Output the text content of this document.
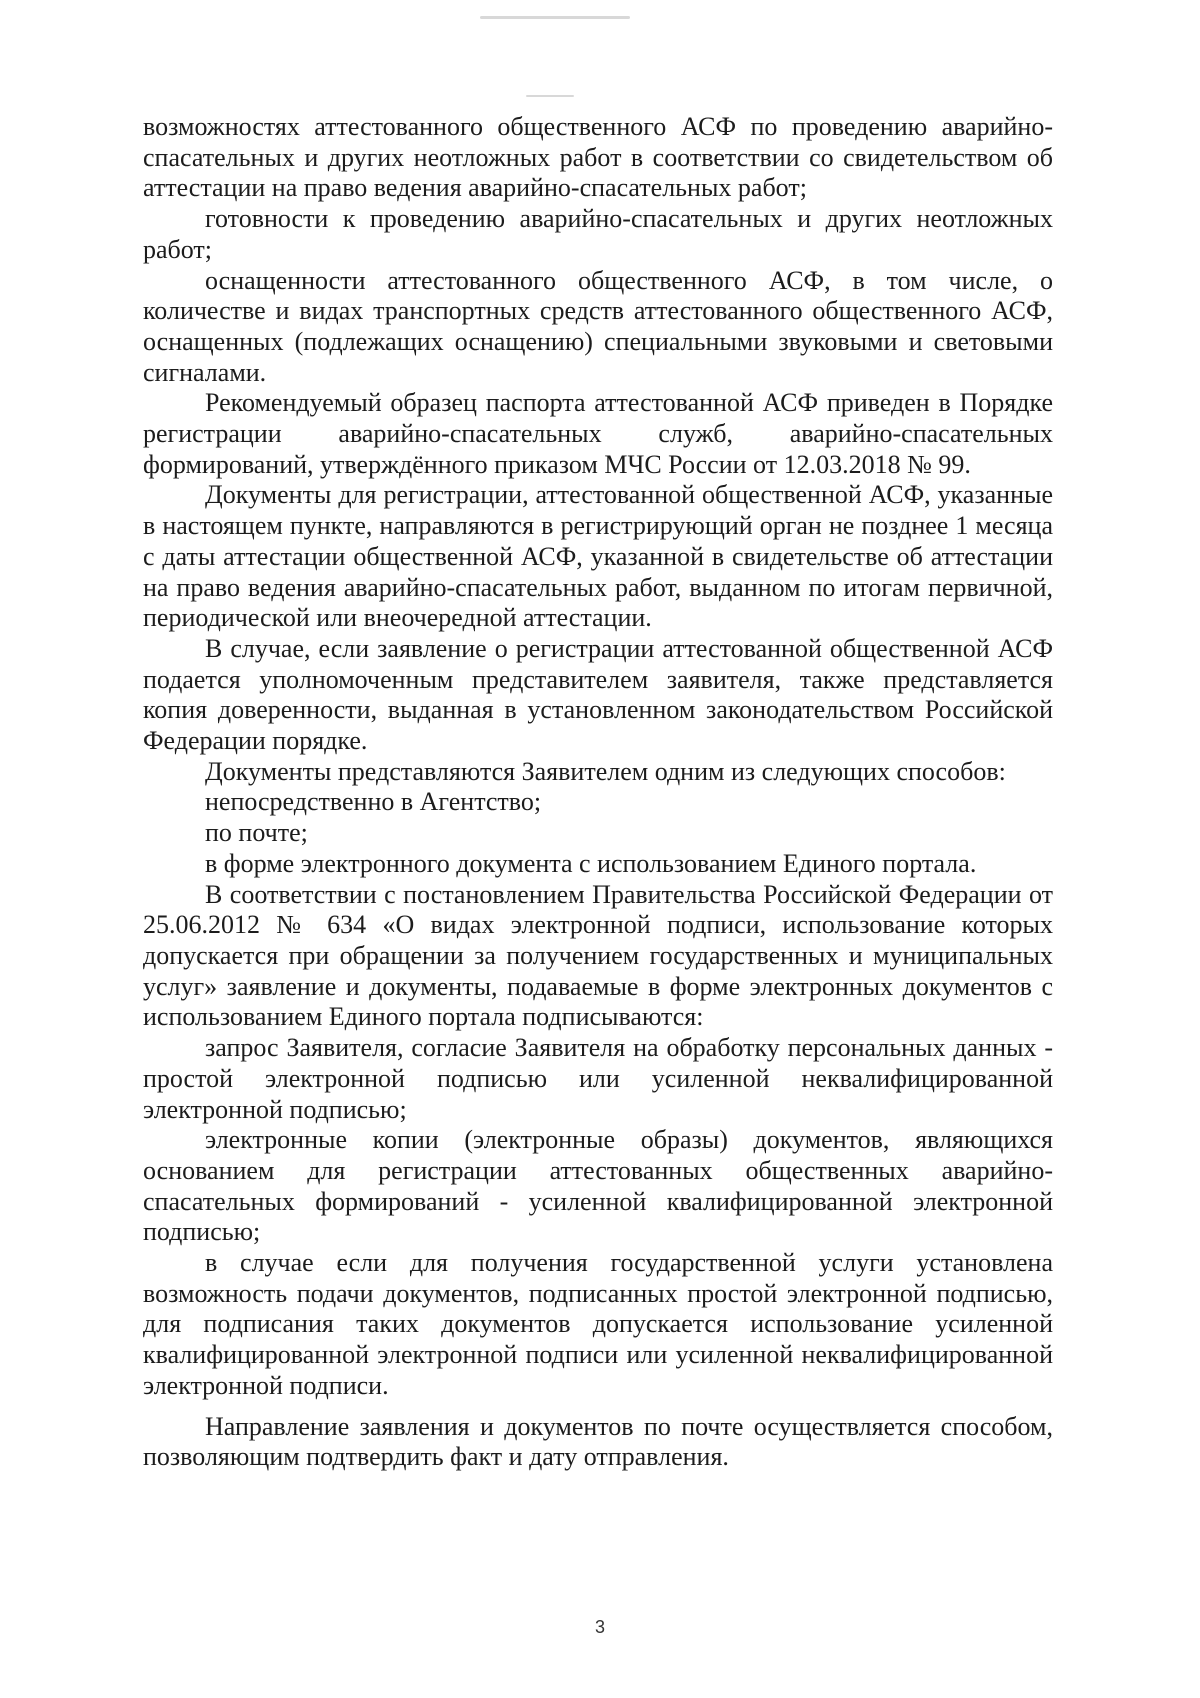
возможностях аттестованного общественного АСФ по проведению аварийно-спасательных и других неотложных работ в соответствии со свидетельством об аттестации на право ведения аварийно-спасательных работ;

готовности к проведению аварийно-спасательных и других неотложных работ;

оснащенности аттестованного общественного АСФ, в том числе, о количестве и видах транспортных средств аттестованного общественного АСФ, оснащенных (подлежащих оснащению) специальными звуковыми и световыми сигналами.

Рекомендуемый образец паспорта аттестованной АСФ приведен в Порядке регистрации аварийно-спасательных служб, аварийно-спасательных формирований, утверждённого приказом МЧС России от 12.03.2018 № 99.

Документы для регистрации, аттестованной общественной АСФ, указанные в настоящем пункте, направляются в регистрирующий орган не позднее 1 месяца с даты аттестации общественной АСФ, указанной в свидетельстве об аттестации на право ведения аварийно-спасательных работ, выданном по итогам первичной, периодической или внеочередной аттестации.

В случае, если заявление о регистрации аттестованной общественной АСФ подается уполномоченным представителем заявителя, также представляется копия доверенности, выданная в установленном законодательством Российской Федерации порядке.

Документы представляются Заявителем одним из следующих способов:

непосредственно в Агентство;

по почте;

в форме электронного документа с использованием Единого портала.

В соответствии с постановлением Правительства Российской Федерации от 25.06.2012 № 634 «О видах электронной подписи, использование которых допускается при обращении за получением государственных и муниципальных услуг» заявление и документы, подаваемые в форме электронных документов с использованием Единого портала подписываются:

запрос Заявителя, согласие Заявителя на обработку персональных данных - простой электронной подписью или усиленной неквалифицированной электронной подписью;

электронные копии (электронные образы) документов, являющихся основанием для регистрации аттестованных общественных аварийно-спасательных формирований - усиленной квалифицированной электронной подписью;

в случае если для получения государственной услуги установлена возможность подачи документов, подписанных простой электронной подписью, для подписания таких документов допускается использование усиленной квалифицированной электронной подписи или усиленной неквалифицированной электронной подписи.

Направление заявления и документов по почте осуществляется способом, позволяющим подтвердить факт и дату отправления.

3
